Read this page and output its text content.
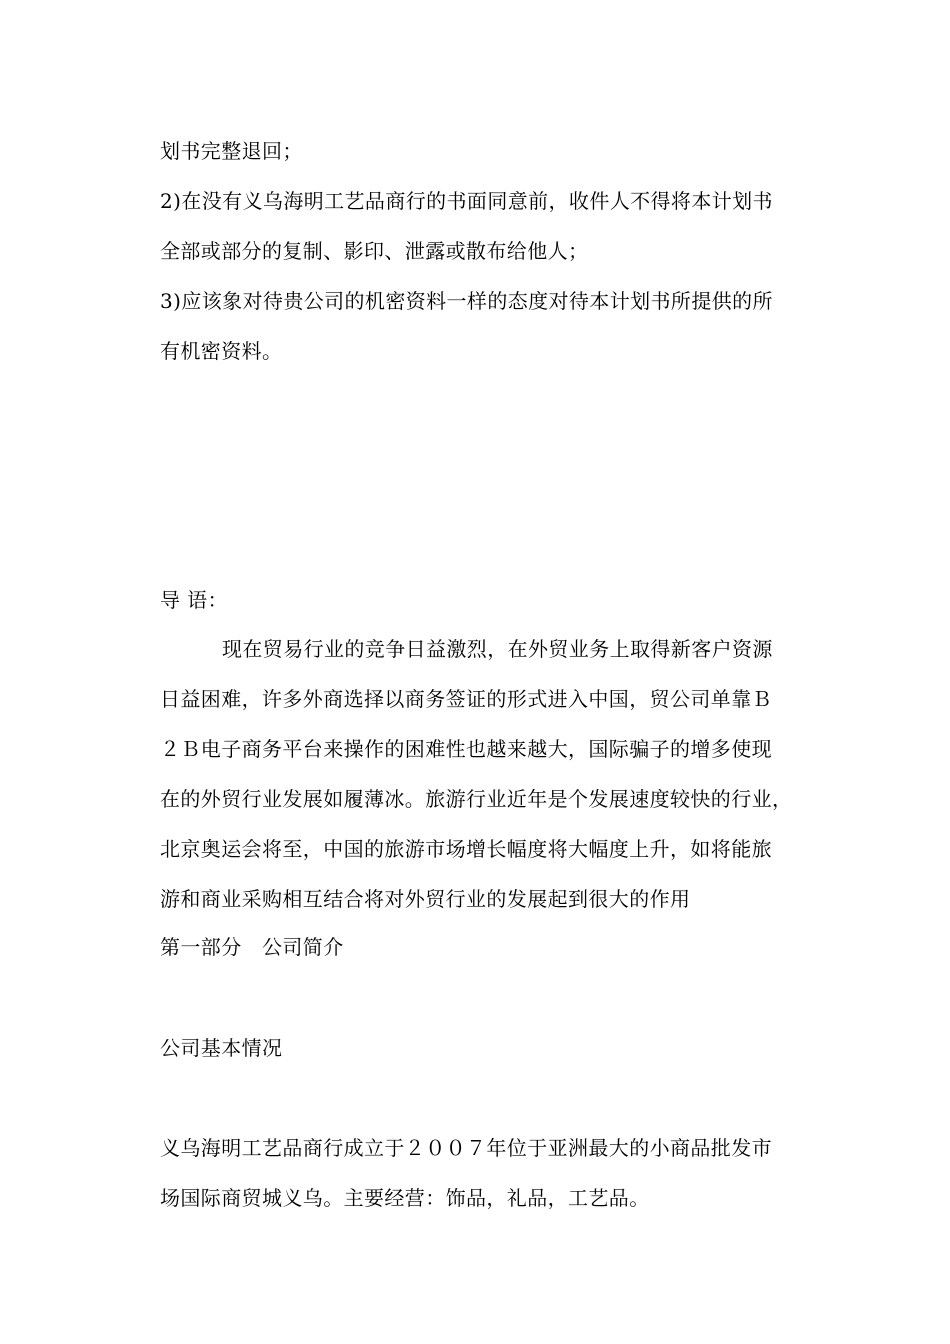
划书完整退回；
2)在没有义乌海明工艺品商行的书面同意前，收件人不得将本计划书
全部或部分的复制、影印、泄露或散布给他人；
3)应该象对待贵公司的机密资料一样的态度对待本计划书所提供的所
有机密资料。
导 语：
现在贸易行业的竞争日益激烈，在外贸业务上取得新客户资源
日益困难，许多外商选择以商务签证的形式进入中国，贸公司单靠Ｂ
２Ｂ电子商务平台来操作的困难性也越来越大，国际骗子的增多使现
在的外贸行业发展如履薄冰。旅游行业近年是个发展速度较快的行业，
北京奥运会将至，中国的旅游市场增长幅度将大幅度上升，如将能旅
游和商业采购相互结合将对外贸行业的发展起到很大的作用
第一部分　公司简介
公司基本情况
义乌海明工艺品商行成立于２００７年位于亚洲最大的小商品批发市
场国际商贸城义乌。主要经营：饰品，礼品，工艺品。
